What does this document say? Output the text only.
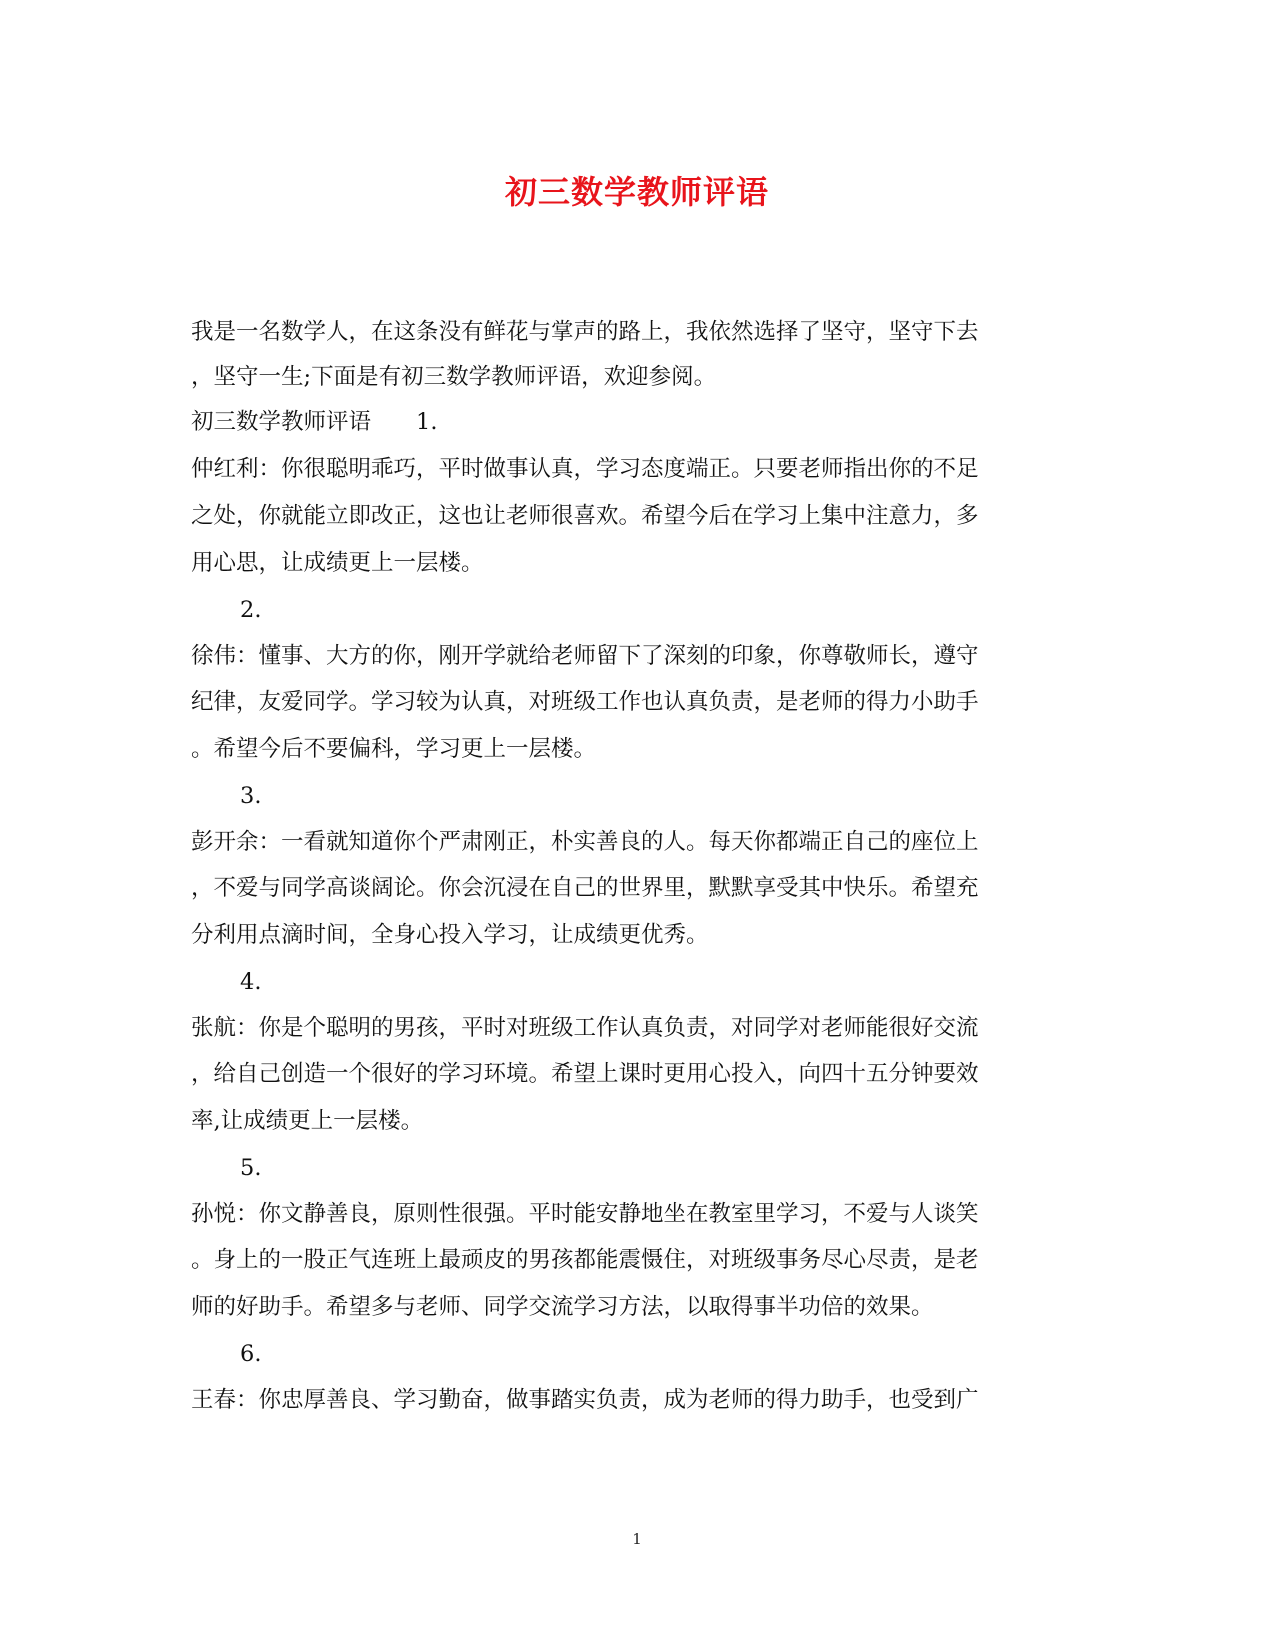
初三数学教师评语
我是一名数学人，在这条没有鲜花与掌声的路上，我依然选择了坚守，坚守下去
，坚守一生;下面是有初三数学教师评语，欢迎参阅。
初三数学教师评语　　1.
仲红利：你很聪明乖巧，平时做事认真，学习态度端正。只要老师指出你的不足
之处，你就能立即改正，这也让老师很喜欢。希望今后在学习上集中注意力，多
用心思，让成绩更上一层楼。
2.
徐伟：懂事、大方的你，刚开学就给老师留下了深刻的印象，你尊敬师长，遵守
纪律，友爱同学。学习较为认真，对班级工作也认真负责，是老师的得力小助手
。希望今后不要偏科，学习更上一层楼。
3.
彭开余：一看就知道你个严肃刚正，朴实善良的人。每天你都端正自己的座位上
，不爱与同学高谈阔论。你会沉浸在自己的世界里，默默享受其中快乐。希望充
分利用点滴时间，全身心投入学习，让成绩更优秀。
4.
张航：你是个聪明的男孩，平时对班级工作认真负责，对同学对老师能很好交流
，给自己创造一个很好的学习环境。希望上课时更用心投入，向四十五分钟要效
率,让成绩更上一层楼。
5.
孙悦：你文静善良，原则性很强。平时能安静地坐在教室里学习，不爱与人谈笑
。身上的一股正气连班上最顽皮的男孩都能震慑住，对班级事务尽心尽责，是老
师的好助手。希望多与老师、同学交流学习方法，以取得事半功倍的效果。
6.
王春：你忠厚善良、学习勤奋，做事踏实负责，成为老师的得力助手，也受到广
1
